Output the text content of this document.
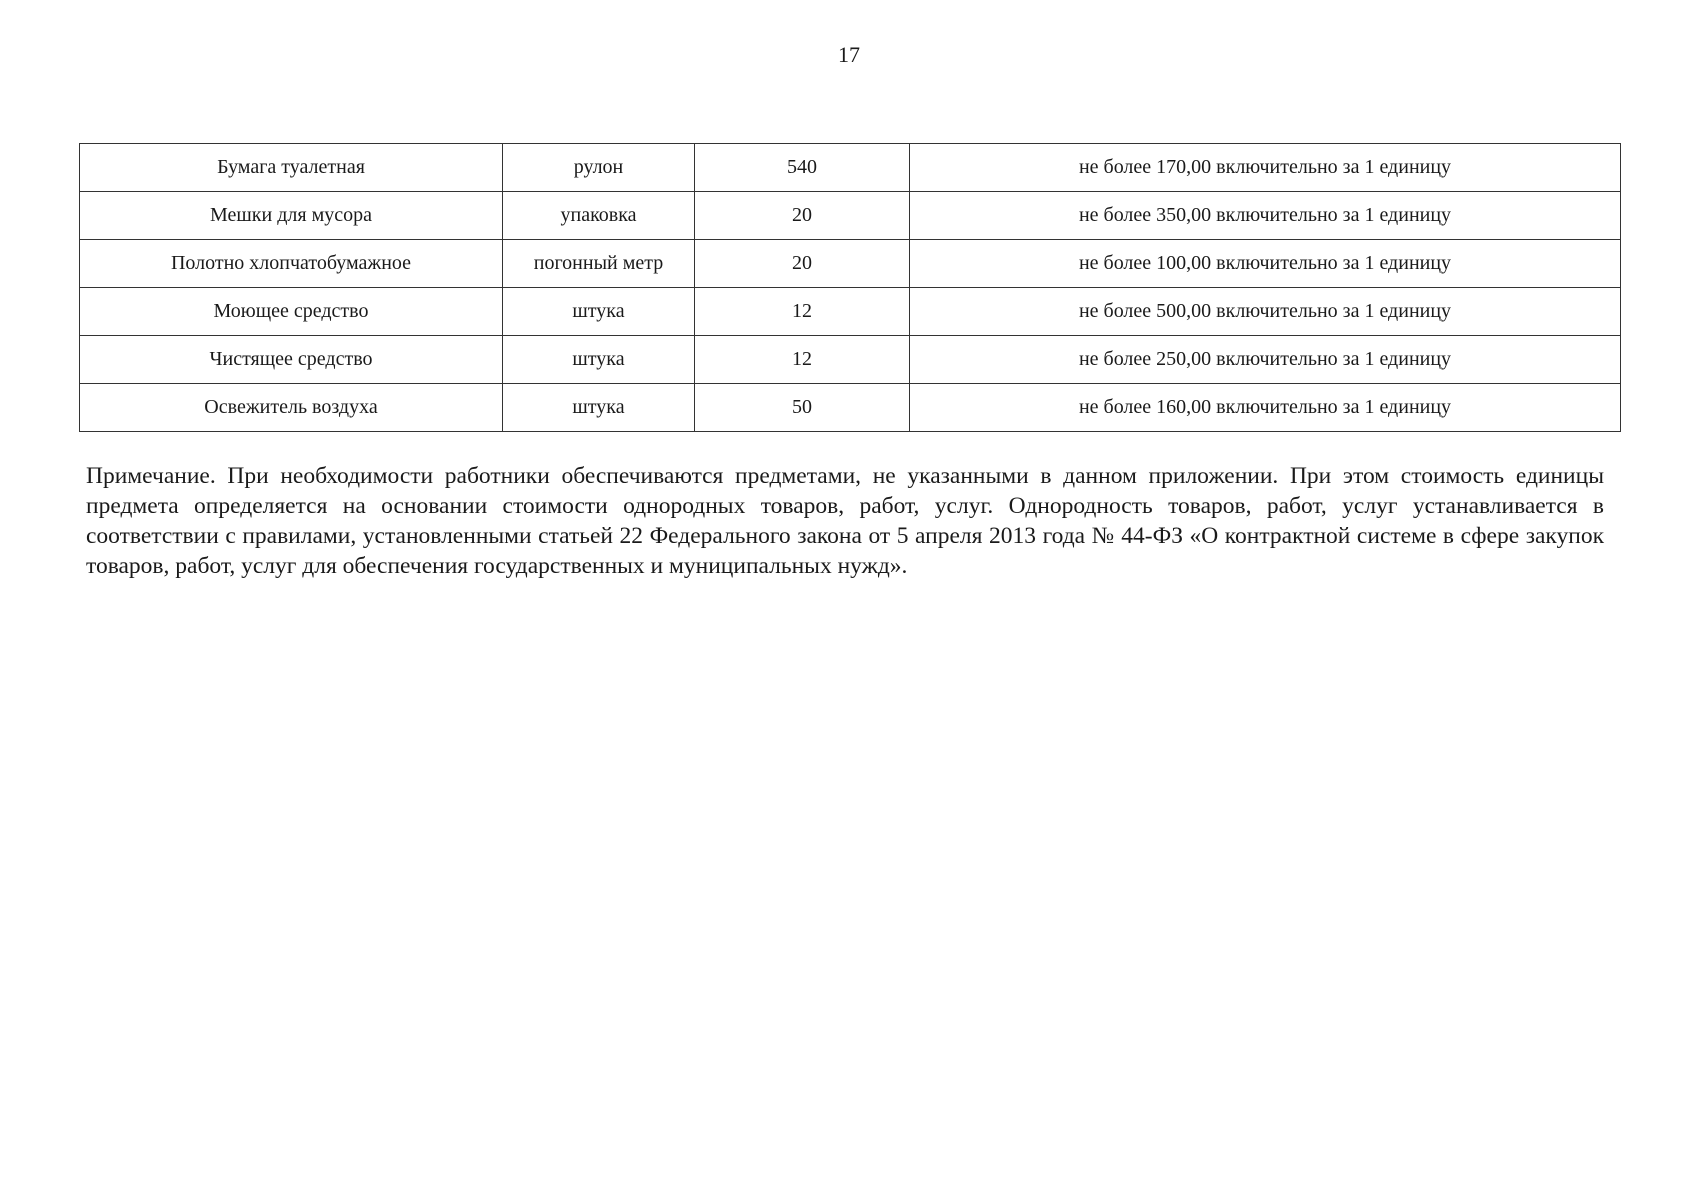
17
Бумага туалетная	рулон	540	не более 170,00 включительно за 1 единицу
Мешки для мусора	упаковка	20	не более 350,00 включительно за 1 единицу
Полотно хлопчатобумажное	погонный метр	20	не более 100,00 включительно за 1 единицу
Моющее средство	штука	12	не более 500,00 включительно за 1 единицу
Чистящее средство	штука	12	не более 250,00 включительно за 1 единицу
Освежитель воздуха	штука	50	не более 160,00 включительно за 1 единицу

Примечание. При необходимости работники обеспечиваются предметами, не указанными в данном приложении. При этом стоимость единицы предмета определяется на основании стоимости однородных товаров, работ, услуг. Однородность товаров, работ, услуг устанавливается в соответствии с правилами, установленными статьей 22 Федерального закона от 5 апреля 2013 года № 44-ФЗ «О контрактной системе в сфере закупок товаров, работ, услуг для обеспечения государственных и муниципальных нужд».
